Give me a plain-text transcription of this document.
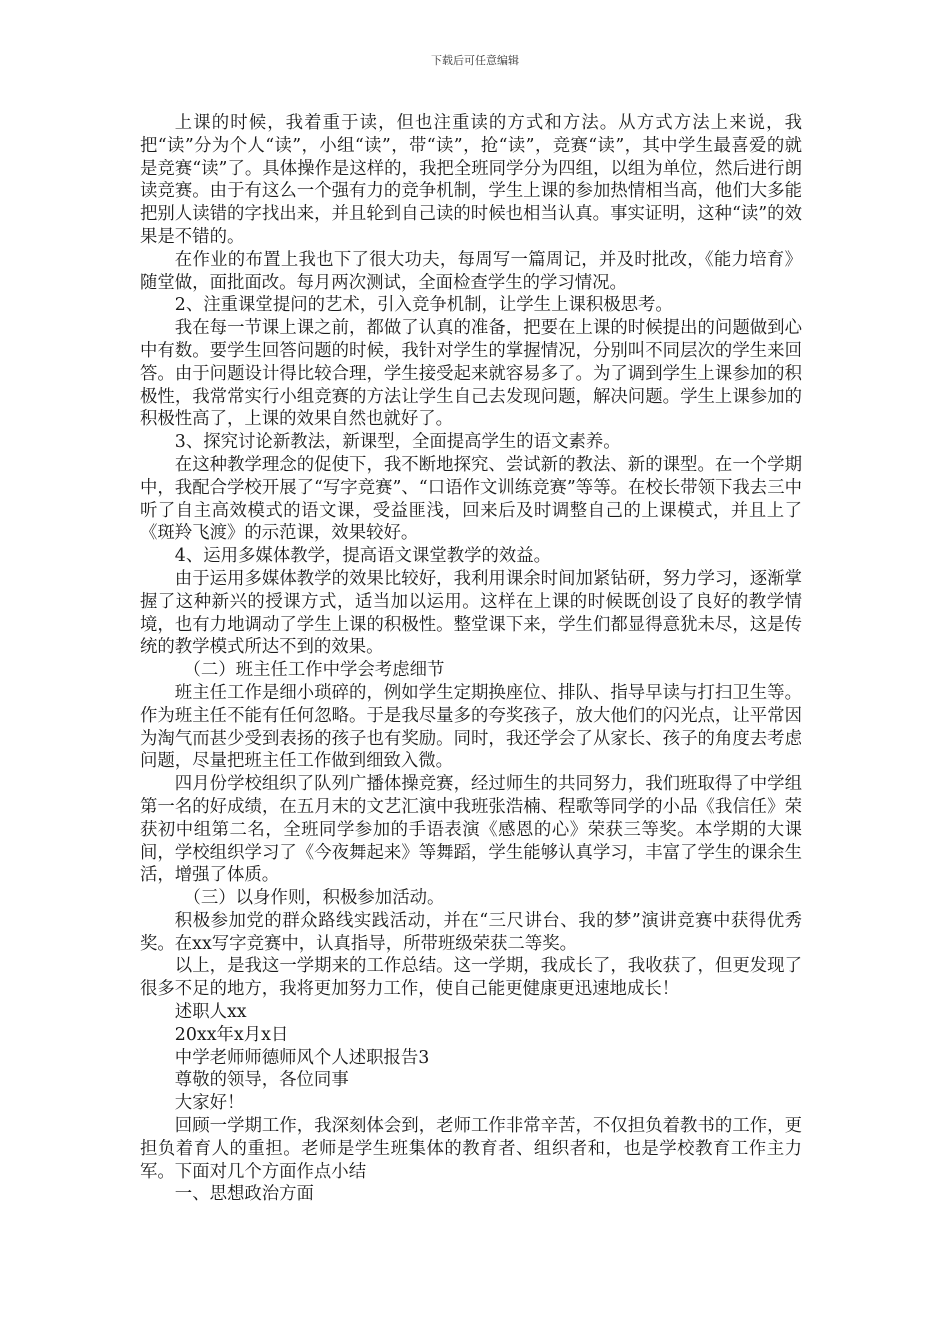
下载后可任意编辑

上课的时候，我着重于读，但也注重读的方式和方法。从方式方法上来说，我把“读”分为个人“读”，小组“读”，带“读”，抢“读”，竞赛“读”，其中学生最喜爱的就是竞赛“读”了。具体操作是这样的，我把全班同学分为四组，以组为单位，然后进行朗读竞赛。由于有这么一个强有力的竞争机制，学生上课的参加热情相当高，他们大多能把别人读错的字找出来，并且轮到自己读的时候也相当认真。事实证明，这种“读”的效果是不错的。

在作业的布置上我也下了很大功夫，每周写一篇周记，并及时批改，《能力培育》随堂做，面批面改。每月两次测试，全面检查学生的学习情况。

2、注重课堂提问的艺术，引入竞争机制，让学生上课积极思考。

我在每一节课上课之前，都做了认真的准备，把要在上课的时候提出的问题做到心中有数。要学生回答问题的时候，我针对学生的掌握情况，分别叫不同层次的学生来回答。由于问题设计得比较合理，学生接受起来就容易多了。为了调到学生上课参加的积极性，我常常实行小组竞赛的方法让学生自己去发现问题，解决问题。学生上课参加的积极性高了，上课的效果自然也就好了。

3、探究讨论新教法，新课型，全面提高学生的语文素养。

在这种教学理念的促使下，我不断地探究、尝试新的教法、新的课型。在一个学期中，我配合学校开展了“写字竞赛”、“口语作文训练竞赛”等等。在校长带领下我去三中听了自主高效模式的语文课，受益匪浅，回来后及时调整自己的上课模式，并且上了《斑羚飞渡》的示范课，效果较好。

4、运用多媒体教学，提高语文课堂教学的效益。

由于运用多媒体教学的效果比较好，我利用课余时间加紧钻研，努力学习，逐渐掌握了这种新兴的授课方式，适当加以运用。这样在上课的时候既创设了良好的教学情境，也有力地调动了学生上课的积极性。整堂课下来，学生们都显得意犹未尽，这是传统的教学模式所达不到的效果。

（二）班主任工作中学会考虑细节

班主任工作是细小琐碎的，例如学生定期换座位、排队、指导早读与打扫卫生等。作为班主任不能有任何忽略。于是我尽量多的夸奖孩子，放大他们的闪光点，让平常因为淘气而甚少受到表扬的孩子也有奖励。同时，我还学会了从家长、孩子的角度去考虑问题，尽量把班主任工作做到细致入微。

四月份学校组织了队列广播体操竞赛，经过师生的共同努力，我们班取得了中学组第一名的好成绩，在五月末的文艺汇演中我班张浩楠、程歌等同学的小品《我信任》荣获初中组第二名，全班同学参加的手语表演《感恩的心》荣获三等奖。本学期的大课间，学校组织学习了《今夜舞起来》等舞蹈，学生能够认真学习，丰富了学生的课余生活，增强了体质。

（三）以身作则，积极参加活动。

积极参加党的群众路线实践活动，并在“三尺讲台、我的梦”演讲竞赛中获得优秀奖。在xx写字竞赛中，认真指导，所带班级荣获二等奖。

以上，是我这一学期来的工作总结。这一学期，我成长了，我收获了，但更发现了很多不足的地方，我将更加努力工作，使自己能更健康更迅速地成长！

述职人xx

20xx年x月x日

中学老师师德师风个人述职报告3

尊敬的领导，各位同事

大家好！

回顾一学期工作，我深刻体会到，老师工作非常辛苦，不仅担负着教书的工作，更担负着育人的重担。老师是学生班集体的教育者、组织者和，也是学校教育工作主力军。下面对几个方面作点小结

一、思想政治方面
